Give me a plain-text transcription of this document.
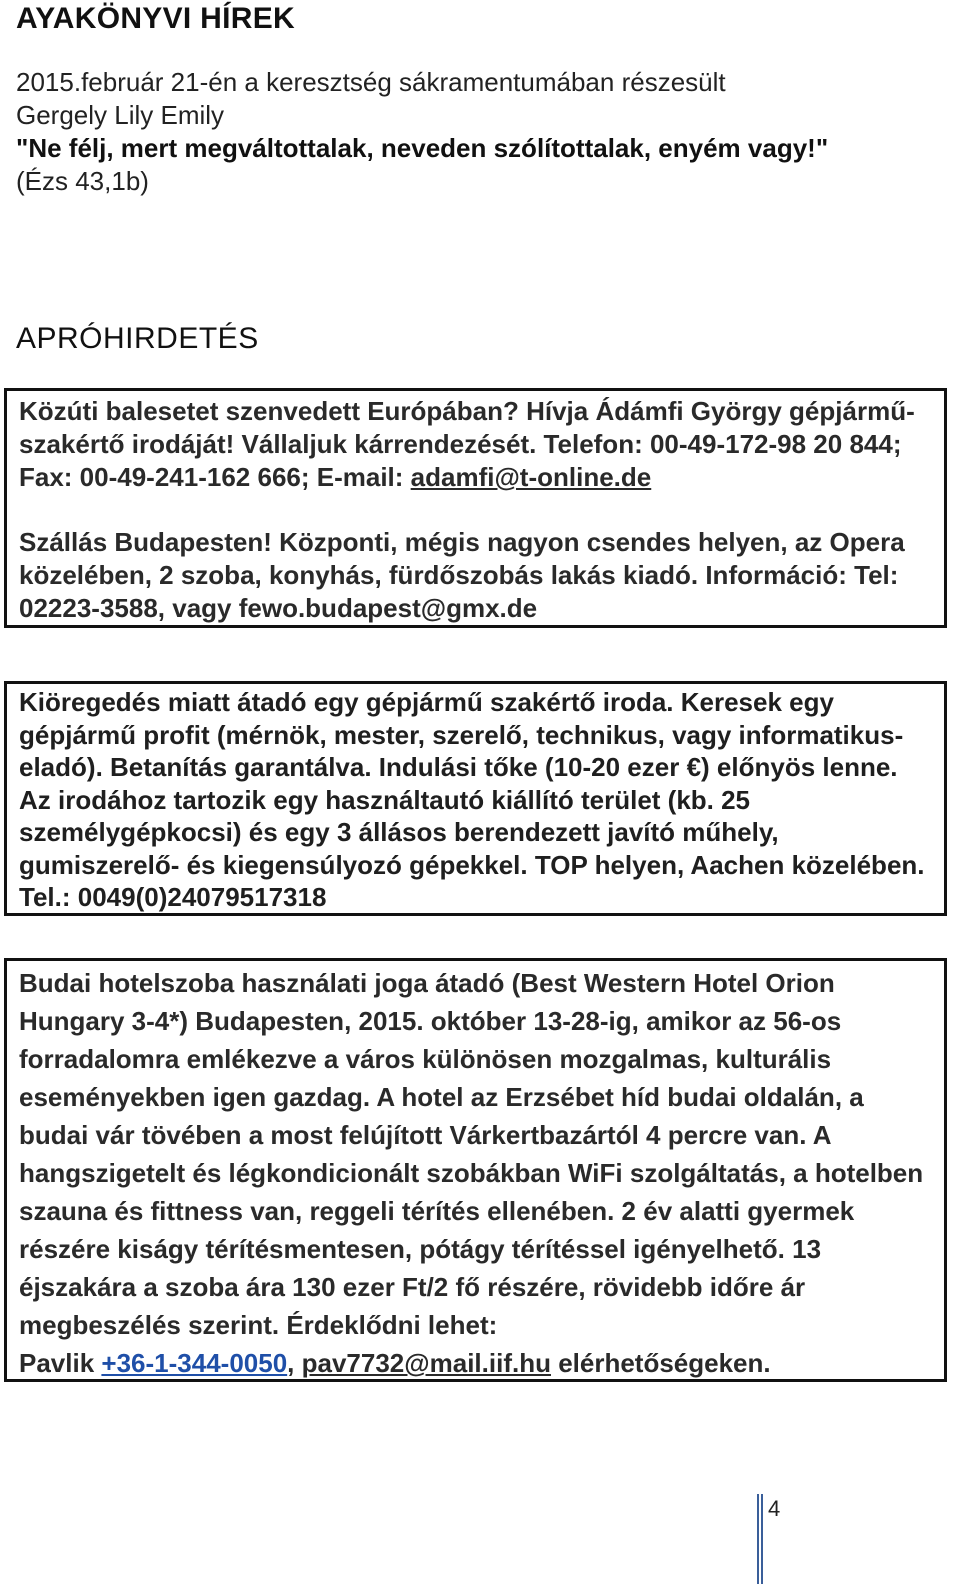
AYAKÖNYVI HÍREK
2015.február 21-én a keresztség sákramentumában részesült
Gergely Lily Emily
"Ne félj, mert megváltottalak, neveden szólítottalak, enyém vagy!"
(Ézs 43,1b)
APRÓHIRDETÉS

Közúti balesetet szenvedett Európában? Hívja Ádámfi György gépjármű-szakértő irodáját! Vállaljuk kárrendezését. Telefon: 00-49-172-98 20 844; Fax: 00-49-241-162 666; E-mail: adamfi@t-online.de

Szállás Budapesten! Központi, mégis nagyon csendes helyen, az Opera közelében, 2 szoba, konyhás, fürdőszobás lakás kiadó. Információ: Tel: 02223-3588, vagy fewo.budapest@gmx.de

Kiöregedés miatt átadó egy gépjármű szakértő iroda. Keresek egy gépjármű profit (mérnök, mester, szerelő, technikus, vagy informatikus- eladó). Betanítás garantálva. Indulási tőke (10-20 ezer €) előnyös lenne. Az irodához tartozik egy használtautó kiállító terület (kb. 25 személygépkocsi) és egy 3 állásos berendezett javító műhely, gumiszerelő- és kiegensúlyozó gépekkel. TOP helyen, Aachen közelében. Tel.: 0049(0)24079517318

Budai hotelszoba használati joga átadó (Best Western Hotel Orion Hungary 3-4*) Budapesten, 2015. október 13-28-ig, amikor az 56-os forradalomra emlékezve a város különösen mozgalmas, kulturális eseményekben igen gazdag. A hotel az Erzsébet híd budai oldalán, a budai vár tövében a most felújított Várkertbazártól 4 percre van. A hangszigetelt és légkondicionált szobákban WiFi szolgáltatás, a hotelben szauna és fittness van, reggeli térítés ellenében. 2 év alatti gyermek részére kiságy térítésmentesen, pótágy térítéssel igényelhető. 13 éjszakára a szoba ára 130 ezer Ft/2 fő részére, rövidebb időre ár megbeszélés szerint. Érdeklődni lehet:
Pavlik +36-1-344-0050, pav7732@mail.iif.hu elérhetőségeken.

4
